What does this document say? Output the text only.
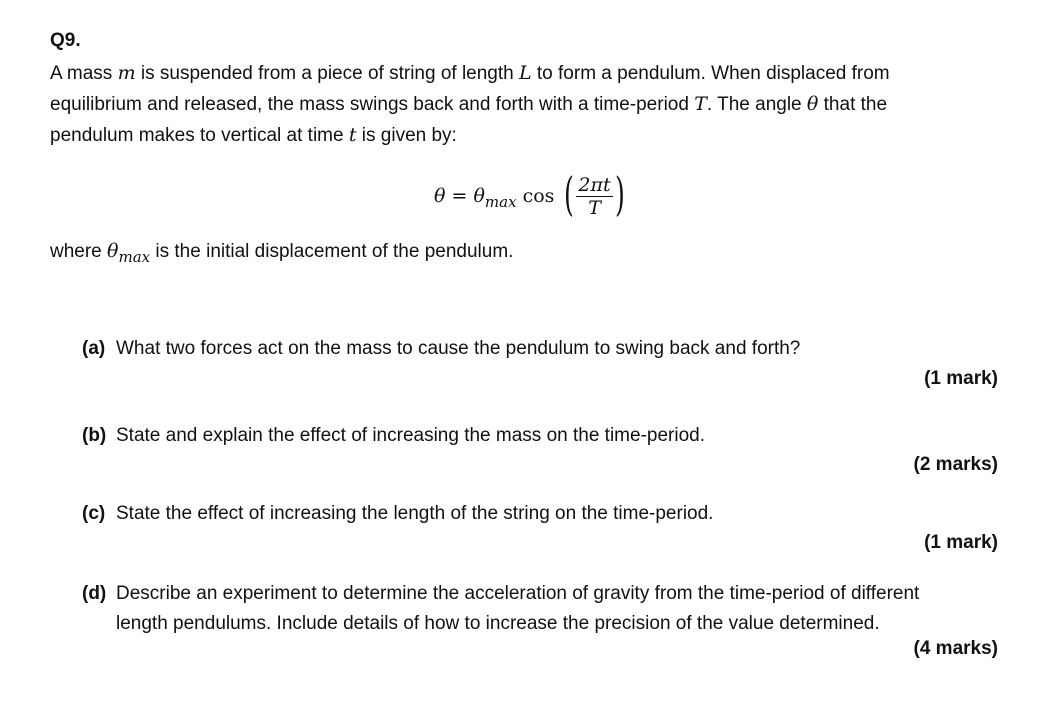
Q9.
A mass m is suspended from a piece of string of length L to form a pendulum. When displaced from
equilibrium and released, the mass swings back and forth with a time-period T. The angle θ that the
pendulum makes to vertical at time t is given by:
θ = θ max cos ( $\frac{2\pi t}{T}$ )
where $\theta_{max}$ is the initial displacement of the pendulum.
(a) What two forces act on the mass to cause the pendulum to swing back and forth?
(1 mark)
(b) State and explain the effect of increasing the mass on the time-period.
(2 marks)
(c) State the effect of increasing the length of the string on the time-period.
(1 mark)
(d) Describe an experiment to determine the acceleration of gravity from the time-period of different
length pendulums. Include details of how to increase the precision of the value determined.
(4 marks)
